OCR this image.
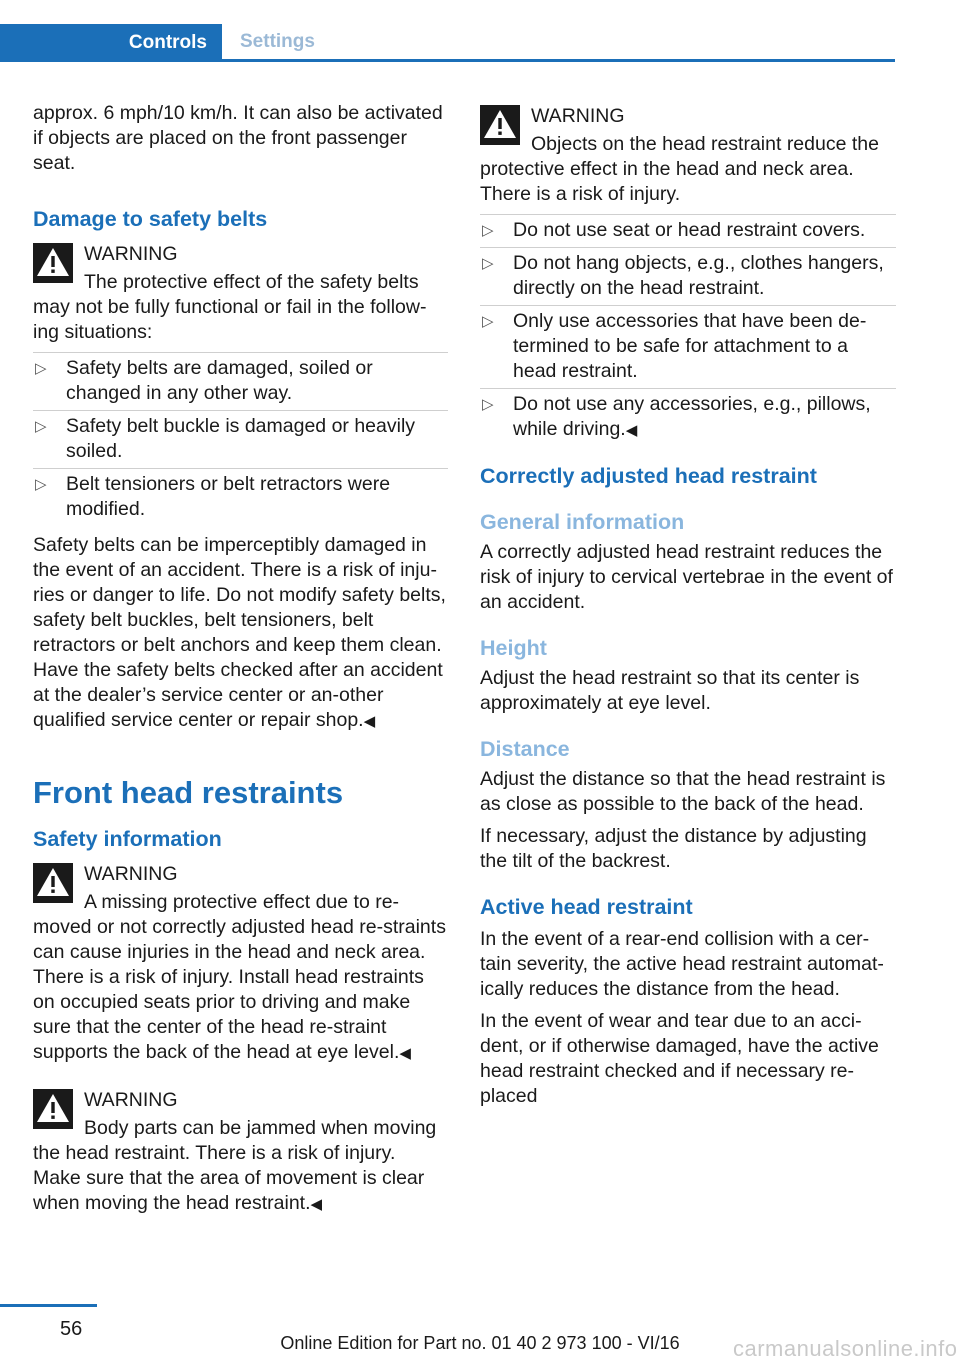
Controls	Settings

approx. 6 mph/10 km/h. It can also be activated if objects are placed on the front passenger seat.

Damage to safety belts
WARNING
The protective effect of the safety belts may not be fully functional or fail in the follow‐ing situations:
▷ Safety belts are damaged, soiled or changed in any other way.
▷ Safety belt buckle is damaged or heavily soiled.
▷ Belt tensioners or belt retractors were modified.

Safety belts can be imperceptibly damaged in the event of an accident. There is a risk of inju‐ries or danger to life. Do not modify safety belts, safety belt buckles, belt tensioners, belt retractors or belt anchors and keep them clean. Have the safety belts checked after an accident at the dealer’s service center or an‐other qualified service center or repair shop.◀

Front head restraints
Safety information
WARNING
A missing protective effect due to re‐moved or not correctly adjusted head re‐straints can cause injuries in the head and neck area. There is a risk of injury. Install head restraints on occupied seats prior to driving and make sure that the center of the head re‐straint supports the back of the head at eye level.◀
WARNING
Body parts can be jammed when moving the head restraint. There is a risk of injury. Make sure that the area of movement is clear when moving the head restraint.◀
WARNING
Objects on the head restraint reduce the protective effect in the head and neck area. There is a risk of injury.
▷ Do not use seat or head restraint covers.
▷ Do not hang objects, e.g., clothes hangers, directly on the head restraint.
▷ Only use accessories that have been de‐termined to be safe for attachment to a head restraint.
▷ Do not use any accessories, e.g., pillows, while driving.◀
Correctly adjusted head restraint
General information

A correctly adjusted head restraint reduces the risk of injury to cervical vertebrae in the event of an accident.

Height

Adjust the head restraint so that its center is approximately at eye level.

Distance

Adjust the distance so that the head restraint is as close as possible to the back of the head.

If necessary, adjust the distance by adjusting the tilt of the backrest.

Active head restraint

In the event of a rear-end collision with a cer‐tain severity, the active head restraint automat‐ically reduces the distance from the head.

In the event of wear and tear due to an acci‐dent, or if otherwise damaged, have the active head restraint checked and if necessary re‐placed

56
Online Edition for Part no. 01 40 2 973 100 - VI/16	carmanualsonline.info
